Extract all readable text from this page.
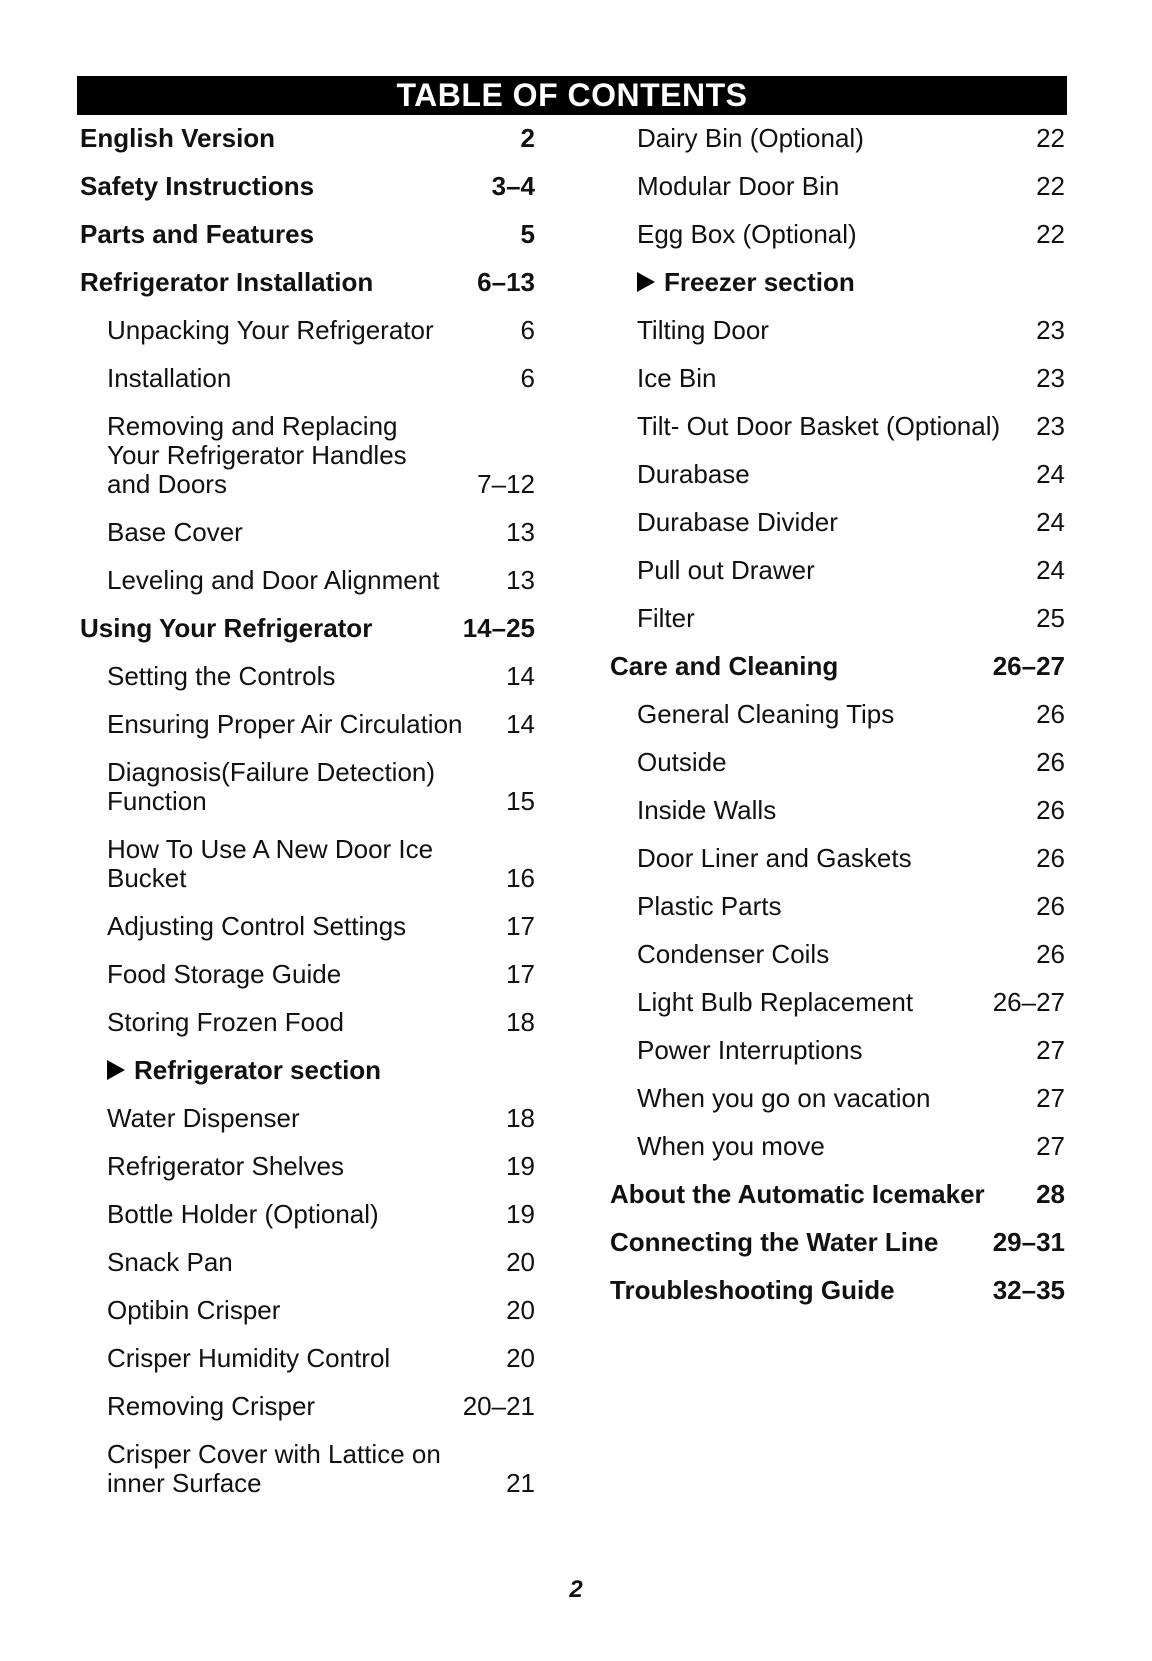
TABLE OF CONTENTS
English Version	2
Safety Instructions	3–4
Parts and Features	5
Refrigerator Installation	6–13
Unpacking Your Refrigerator	6
Installation	6
Removing and Replacing
Your Refrigerator Handles
and Doors	7–12
Base Cover	13
Leveling and Door Alignment	13
Using Your Refrigerator	14–25
Setting the Controls	14
Ensuring Proper Air Circulation	14
Diagnosis(Failure Detection)
Function	15
How To Use A New Door Ice
Bucket	16
Adjusting Control Settings	17
Food Storage Guide	17
Storing Frozen Food	18
Refrigerator section
Water Dispenser	18
Refrigerator Shelves	19
Bottle Holder (Optional)	19
Snack Pan	20
Optibin Crisper	20
Crisper Humidity Control	20
Removing Crisper	20–21
Crisper Cover with Lattice on
inner Surface	21
Dairy Bin (Optional)	22
Modular Door Bin	22
Egg Box (Optional)	22
Freezer section
Tilting Door	23
Ice Bin	23
Tilt- Out Door Basket (Optional)	23
Durabase	24
Durabase Divider	24
Pull out Drawer	24
Filter	25
Care and Cleaning	26–27
General Cleaning Tips	26
Outside	26
Inside Walls	26
Door Liner and Gaskets	26
Plastic Parts	26
Condenser Coils	26
Light Bulb Replacement	26–27
Power Interruptions	27
When you go on vacation	27
When you move	27
About the Automatic Icemaker	28
Connecting the Water Line	29–31
Troubleshooting Guide	32–35
2
